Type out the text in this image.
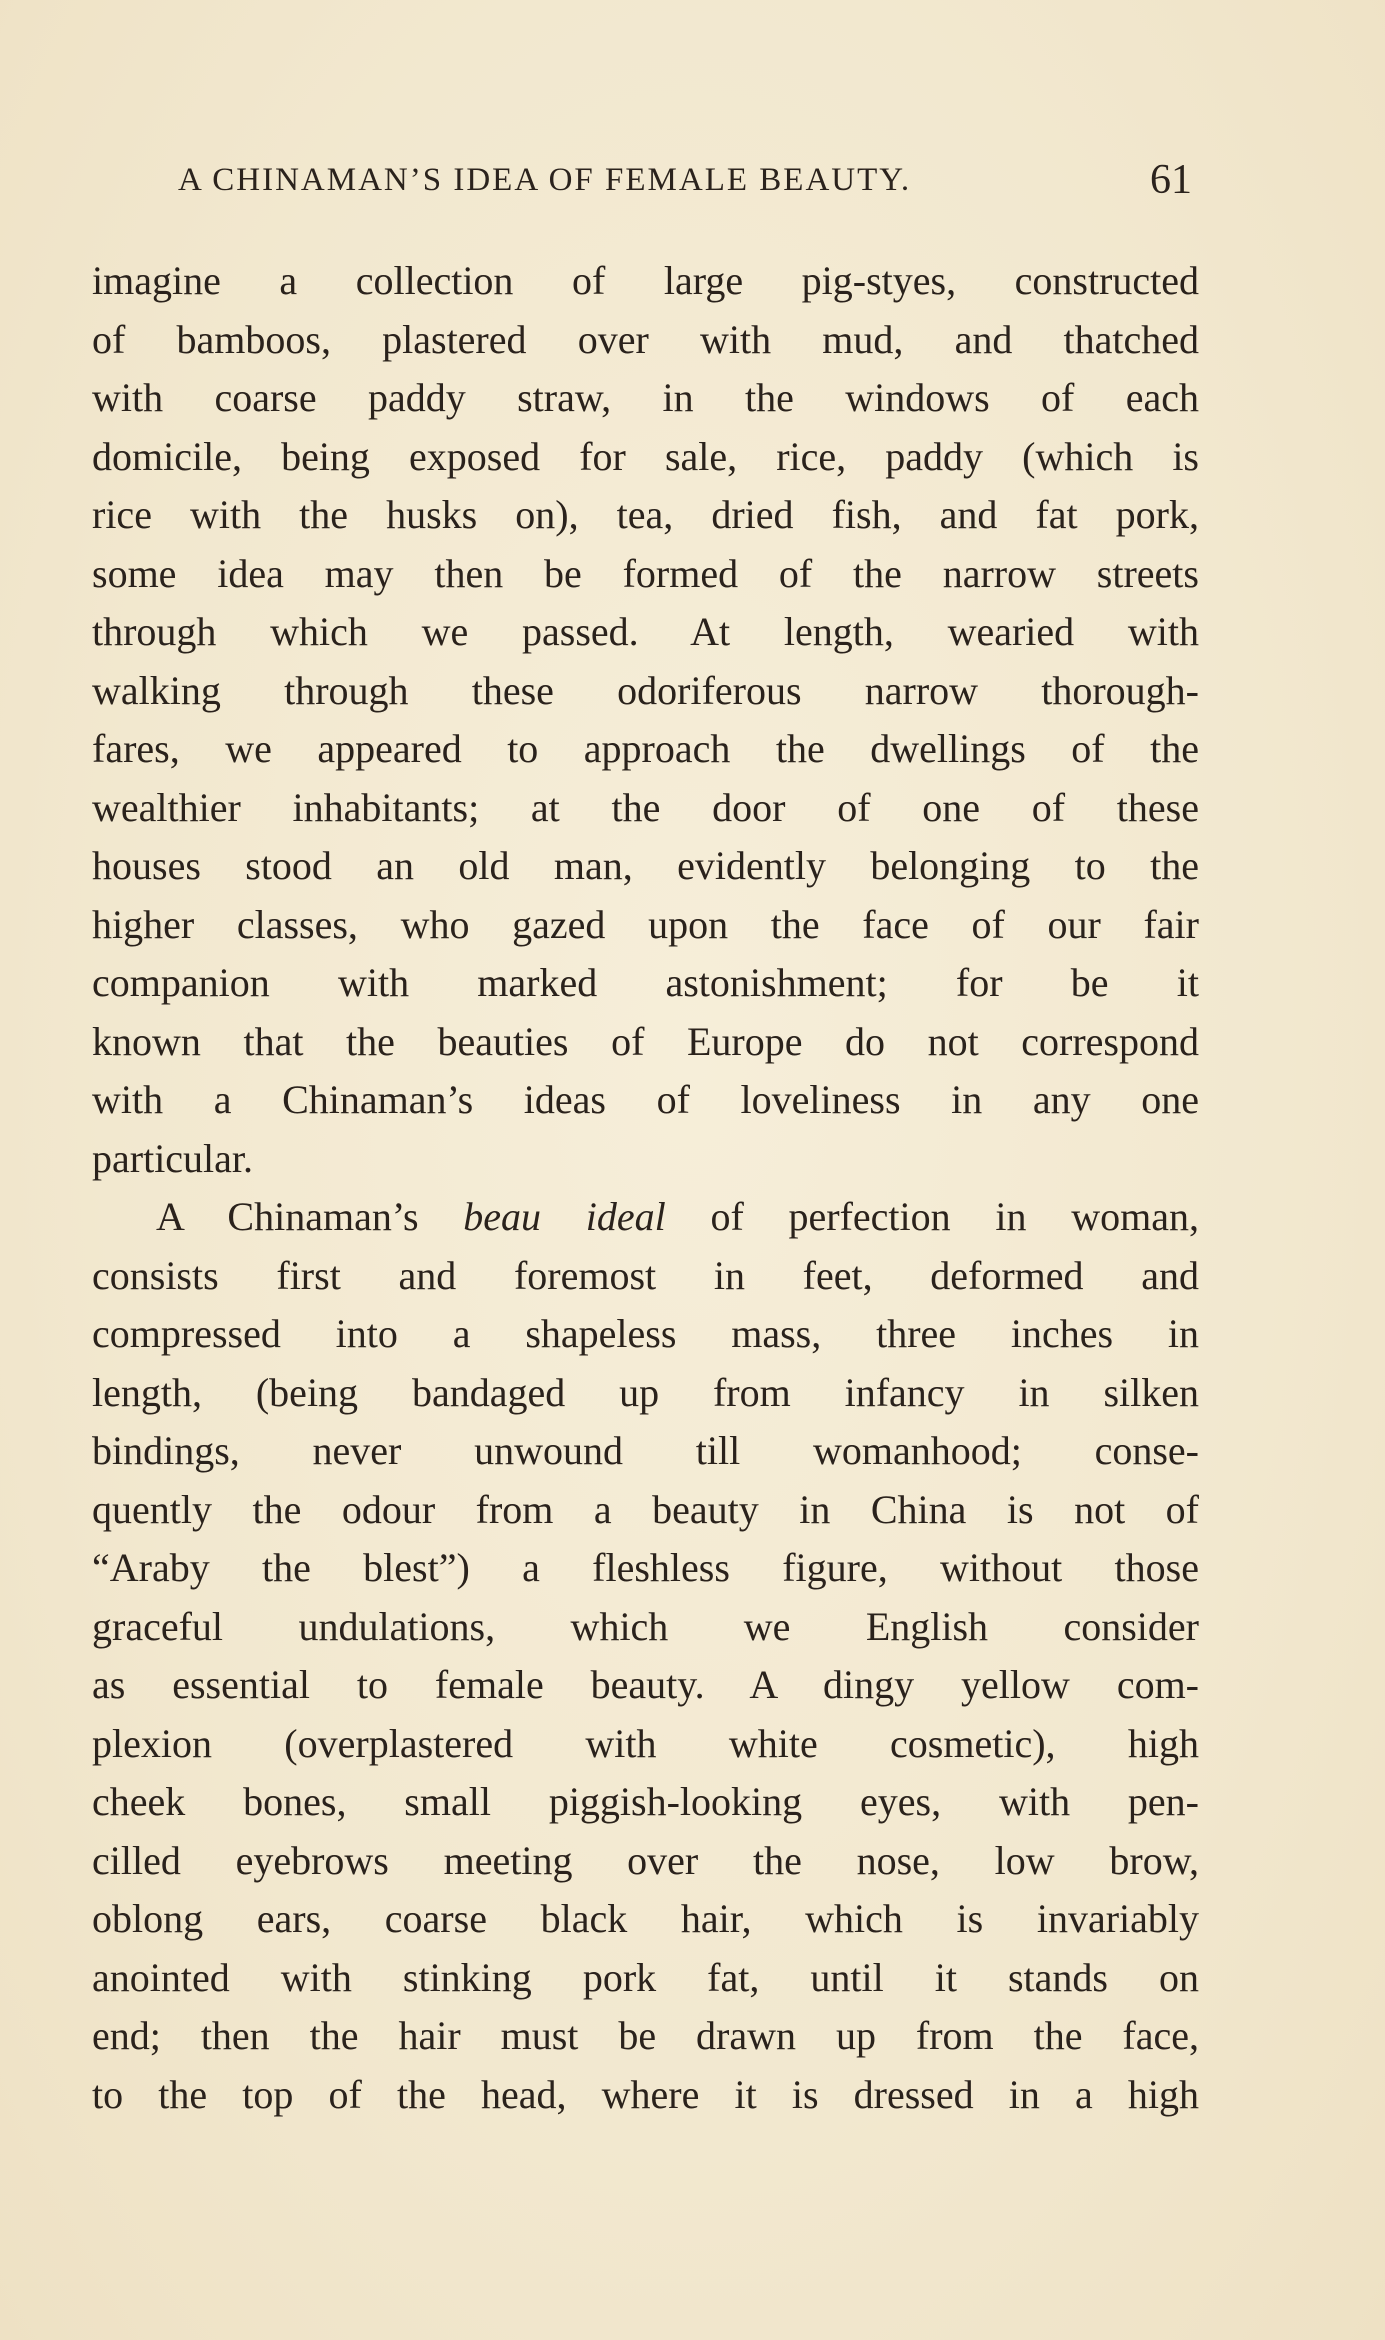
A CHINAMAN’S IDEA OF FEMALE BEAUTY.	61
imagine a collection of large pig-styes, constructed
of bamboos, plastered over with mud, and thatched
with coarse paddy straw, in the windows of each
domicile, being exposed for sale, rice, paddy (which is
rice with the husks on), tea, dried fish, and fat pork,
some idea may then be formed of the narrow streets
through which we passed. At length, wearied with
walking through these odoriferous narrow thorough-
fares, we appeared to approach the dwellings of the
wealthier inhabitants; at the door of one of these
houses stood an old man, evidently belonging to the
higher classes, who gazed upon the face of our fair
companion with marked astonishment; for be it
known that the beauties of Europe do not correspond
with a Chinaman’s ideas of loveliness in any one
particular.
A Chinaman’s beau ideal of perfection in woman,
consists first and foremost in feet, deformed and
compressed into a shapeless mass, three inches in
length, (being bandaged up from infancy in silken
bindings, never unwound till womanhood; conse-
quently the odour from a beauty in China is not of
“Araby the blest”) a fleshless figure, without those
graceful undulations, which we English consider
as essential to female beauty. A dingy yellow com-
plexion (overplastered with white cosmetic), high
cheek bones, small piggish-looking eyes, with pen-
cilled eyebrows meeting over the nose, low brow,
oblong ears, coarse black hair, which is invariably
anointed with stinking pork fat, until it stands on
end; then the hair must be drawn up from the face,
to the top of the head, where it is dressed in a high
